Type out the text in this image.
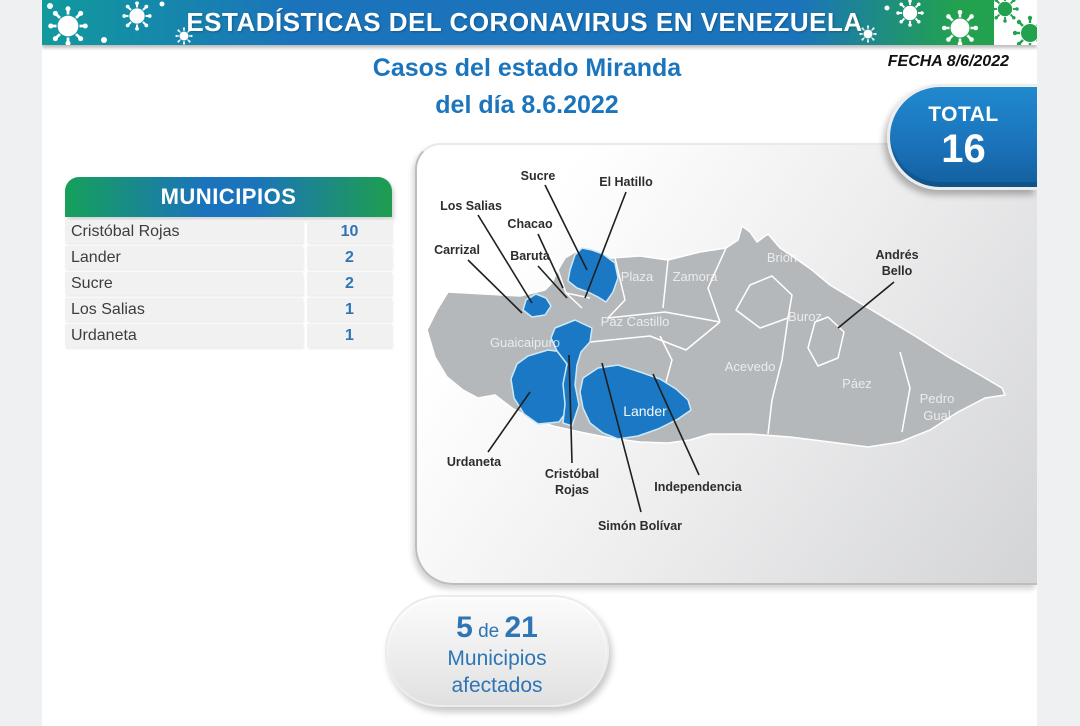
ESTADÍSTICAS DEL CORONAVIRUS EN VENEZUELA
Casos del estado Miranda
del día 8.6.2022
FECHA 8/6/2022
TOTAL
16
MUNICIPIOS
Cristóbal Rojas	10
Lander	2
Sucre	2
Los Salias	1
Urdaneta	1
Plaza Zamora
Paz Castillo
Guaicaipuro
Acevedo
Brión
Buroz
Páez
Pedro
Gual
Lander
Sucre	El Hatillo
Los Salias
Chacao
Carrizal Baruta	Andrés
Bello
Urdaneta
Cristóbal
Rojas
Simón Bolívar
Independencia
5 de 21
Municipios
afectados
